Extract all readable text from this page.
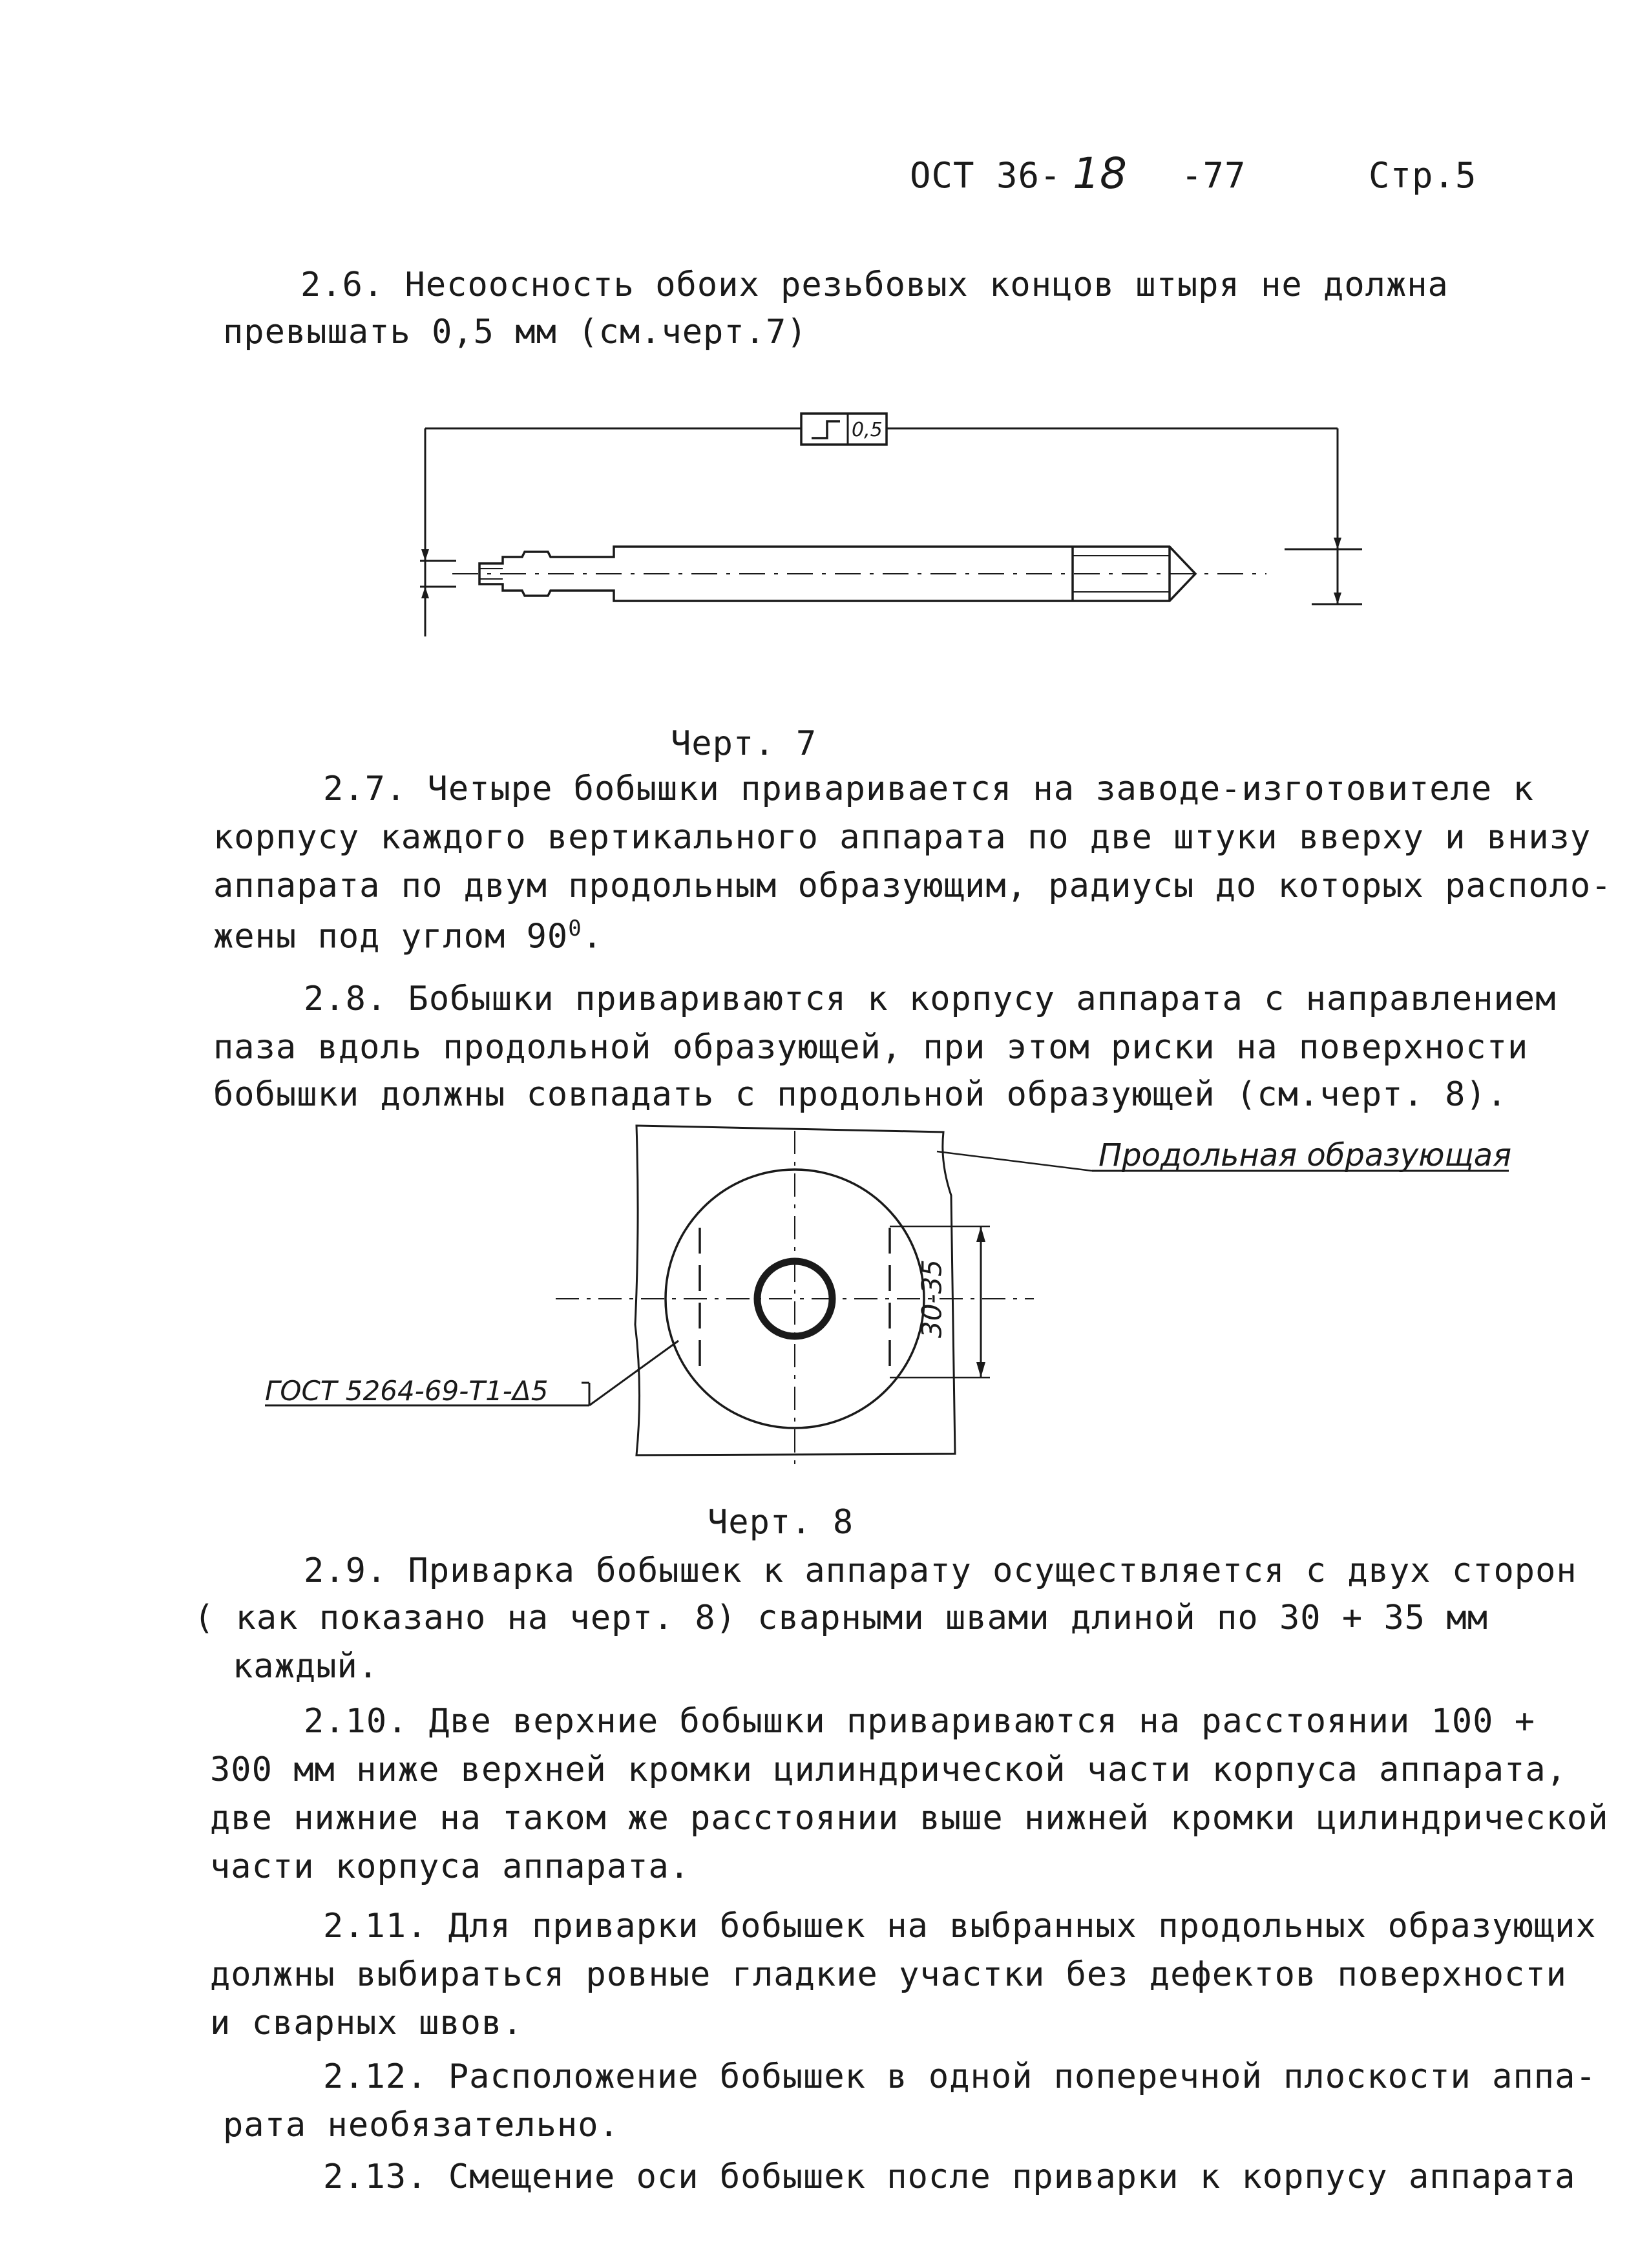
ОСТ 36- 18 -77	Стр.5
2.6. Несоосность обоих резьбовых концов штыря не должна
превышать 0,5 мм (см.черт.7)
0,5
Черт. 7
2.7. Четыре бобышки приваривается на заводе-изготовителе к
корпусу каждого вертикального аппарата по две штуки вверху и внизу
аппарата по двум продольным образующим, радиусы до которых располо-
жены под углом $90^0$.
2.8. Бобышки привариваются к корпусу аппарата с направлением
паза вдоль продольной образующей, при этом риски на поверхности
бобышки должны совпадать с продольной образующей (см.черт. 8).
Продольная образующая
30-35
ГОСТ 5264-69-Т1-Δ5
Черт. 8
2.9. Приварка бобышек к аппарату осуществляется с двух сторон
( как показано на черт. 8) сварными швами длиной по 30 + 35 мм
каждый.
2.10. Две верхние бобышки привариваются на расстоянии 100 +
300 мм ниже верхней кромки цилиндрической части корпуса аппарата,
две нижние на таком же расстоянии выше нижней кромки цилиндрической
части корпуса аппарата.
2.11. Для приварки бобышек на выбранных продольных образующих
должны выбираться ровные гладкие участки без дефектов поверхности
и сварных швов.
2.12. Расположение бобышек в одной поперечной плоскости аппа-
рата необязательно.
2.13. Смещение оси бобышек после приварки к корпусу аппарата
